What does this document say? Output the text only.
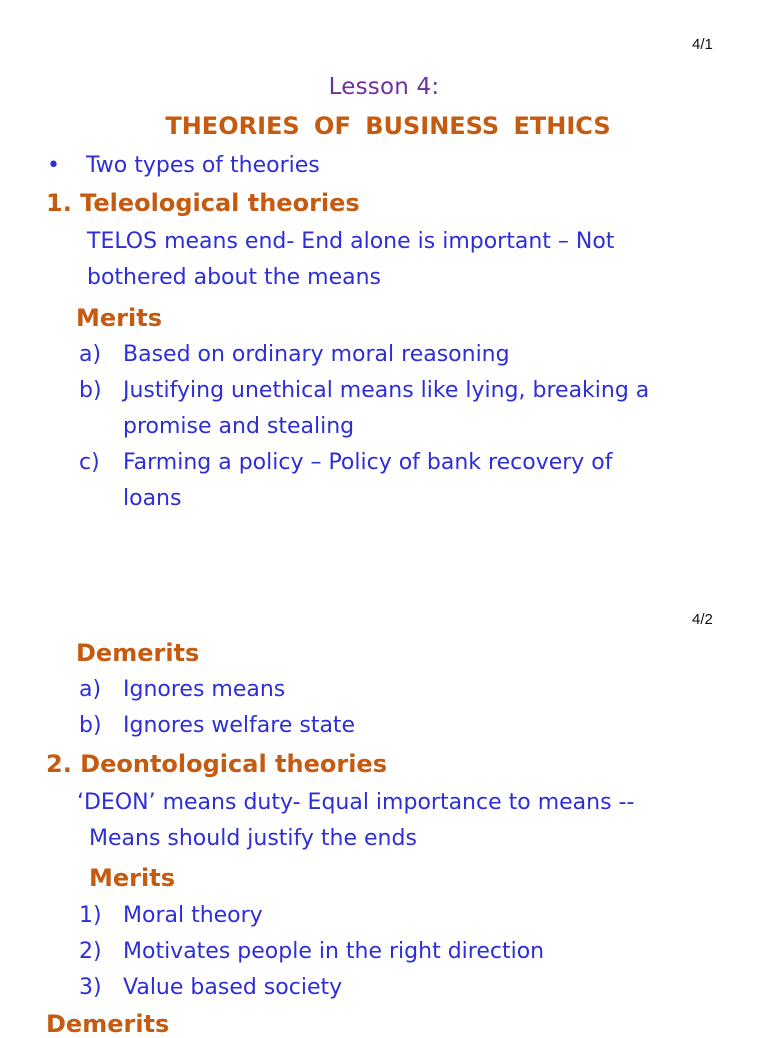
4/1
Lesson 4:
THEORIES OF BUSINESS ETHICS
• Two types of theories
1. Teleological theories
TELOS means end- End alone is important – Not
bothered about the means
Merits
a) Based on ordinary moral reasoning
b) Justifying unethical means like lying, breaking a
promise and stealing
c) Farming a policy – Policy of bank recovery of
loans
4/2
Demerits
a) Ignores means
b) Ignores welfare state
2. Deontological theories
‘DEON’ means duty- Equal importance to means --
Means should justify the ends
Merits
1) Moral theory
2) Motivates people in the right direction
3) Value based society
Demerits
